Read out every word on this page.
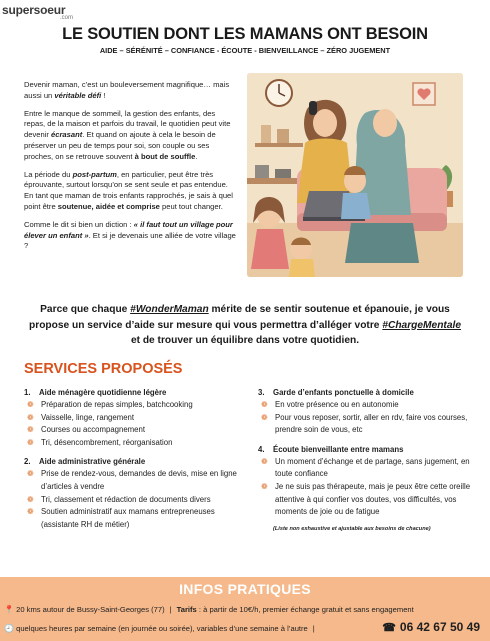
supersoeur
.com
LE SOUTIEN DONT LES MAMANS ONT BESOIN
AIDE – SÉRÉNITÉ – CONFIANCE - ÉCOUTE - BIENVEILLANCE – ZÉRO JUGEMENT

Devenir maman, c’est un bouleversement magnifique… mais aussi un véritable défi !

Entre le manque de sommeil, la gestion des enfants, des repas, de la maison et parfois du travail, le quotidien peut vite devenir écrasant. Et quand on ajoute à cela le besoin de préserver un peu de temps pour soi, son couple ou ses proches, on se retrouve souvent à bout de souffle.

La période du post-partum, en particulier, peut être très éprouvante, surtout lorsqu’on se sent seule et pas entendue. En tant que maman de trois enfants rapprochés, je sais à quel point être soutenue, aidée et comprise peut tout changer.

Comme le dit si bien un diction : « il faut tout un village pour élever un enfant ». Et si je devenais une alliée de votre village ?

Parce que chaque #WonderMaman mérite de se sentir soutenue et épanouie, je vous propose un service d’aide sur mesure qui vous permettra d’alléger votre #ChargeMentale et de trouver un équilibre dans votre quotidien.
SERVICES PROPOSÉS
1.	Aide ménagère quotidienne légère
❁ Préparation de repas simples, batchcooking
❁ Vaisselle, linge, rangement
❁ Courses ou accompagnement
❁ Tri, désencombrement, réorganisation
2.	Aide administrative générale
❁ Prise de rendez-vous, demandes de devis, mise en ligne d’articles à vendre
❁ Tri, classement et rédaction de documents divers
❁ Soutien administratif aux mamans entrepreneuses (assistante RH de métier)
3.	Garde d’enfants ponctuelle à domicile
❁ En votre présence ou en autonomie
❁ Pour vous reposer, sortir, aller en rdv, faire vos courses, prendre soin de vous, etc
4.	Écoute bienveillante entre mamans
❁ Un moment d’échange et de partage, sans jugement, en toute confiance
❁ Je ne suis pas thérapeute, mais je peux être cette oreille attentive à qui confier vos doutes, vos difficultés, vos moments de joie ou de fatigue
(Liste non exhaustive et ajustable aux besoins de chacune)
INFOS PRATIQUES
📍 20 kms autour de Bussy-Saint-Georges (77) | Tarifs : à partir de 10€/h, premier échange gratuit et sans engagement
🕘 quelques heures par semaine (en journée ou soirée), variables d’une semaine à l’autre |	☎ 06 42 67 50 49
